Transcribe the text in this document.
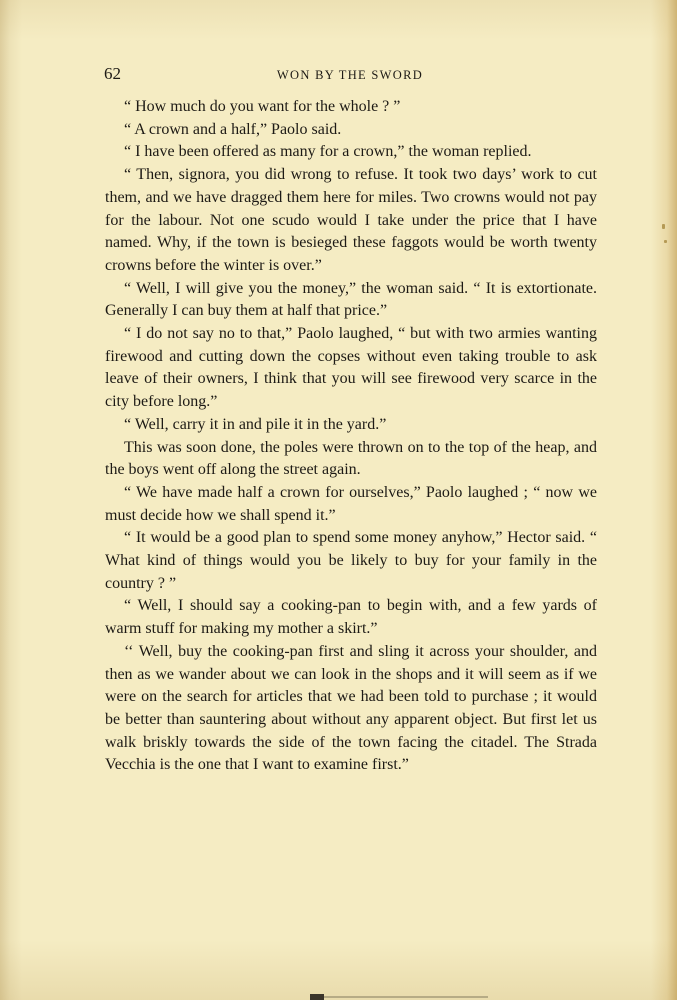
62	WON BY THE SWORD

“ How much do you want for the whole ? ”

“ A crown and a half,” Paolo said.

“ I have been offered as many for a crown,” the woman replied.

“ Then, signora, you did wrong to refuse. It took two days’ work to cut them, and we have dragged them here for miles. Two crowns would not pay for the labour. Not one scudo would I take under the price that I have named. Why, if the town is besieged these faggots would be worth twenty crowns before the winter is over.”

“ Well, I will give you the money,” the woman said. “ It is extortionate. Generally I can buy them at half that price.”

“ I do not say no to that,” Paolo laughed, “ but with two armies wanting firewood and cutting down the copses without even taking trouble to ask leave of their owners, I think that you will see firewood very scarce in the city before long.”

“ Well, carry it in and pile it in the yard.”

This was soon done, the poles were thrown on to the top of the heap, and the boys went off along the street again.

“ We have made half a crown for ourselves,” Paolo laughed ; “ now we must decide how we shall spend it.”

“ It would be a good plan to spend some money anyhow,” Hector said. “ What kind of things would you be likely to buy for your family in the country ? ”

“ Well, I should say a cooking-pan to begin with, and a few yards of warm stuff for making my mother a skirt.”

‘‘ Well, buy the cooking-pan first and sling it across your shoulder, and then as we wander about we can look in the shops and it will seem as if we were on the search for articles that we had been told to purchase ; it would be better than sauntering about without any apparent object. But first let us walk briskly towards the side of the town facing the citadel. The Strada Vecchia is the one that I want to examine first.”
